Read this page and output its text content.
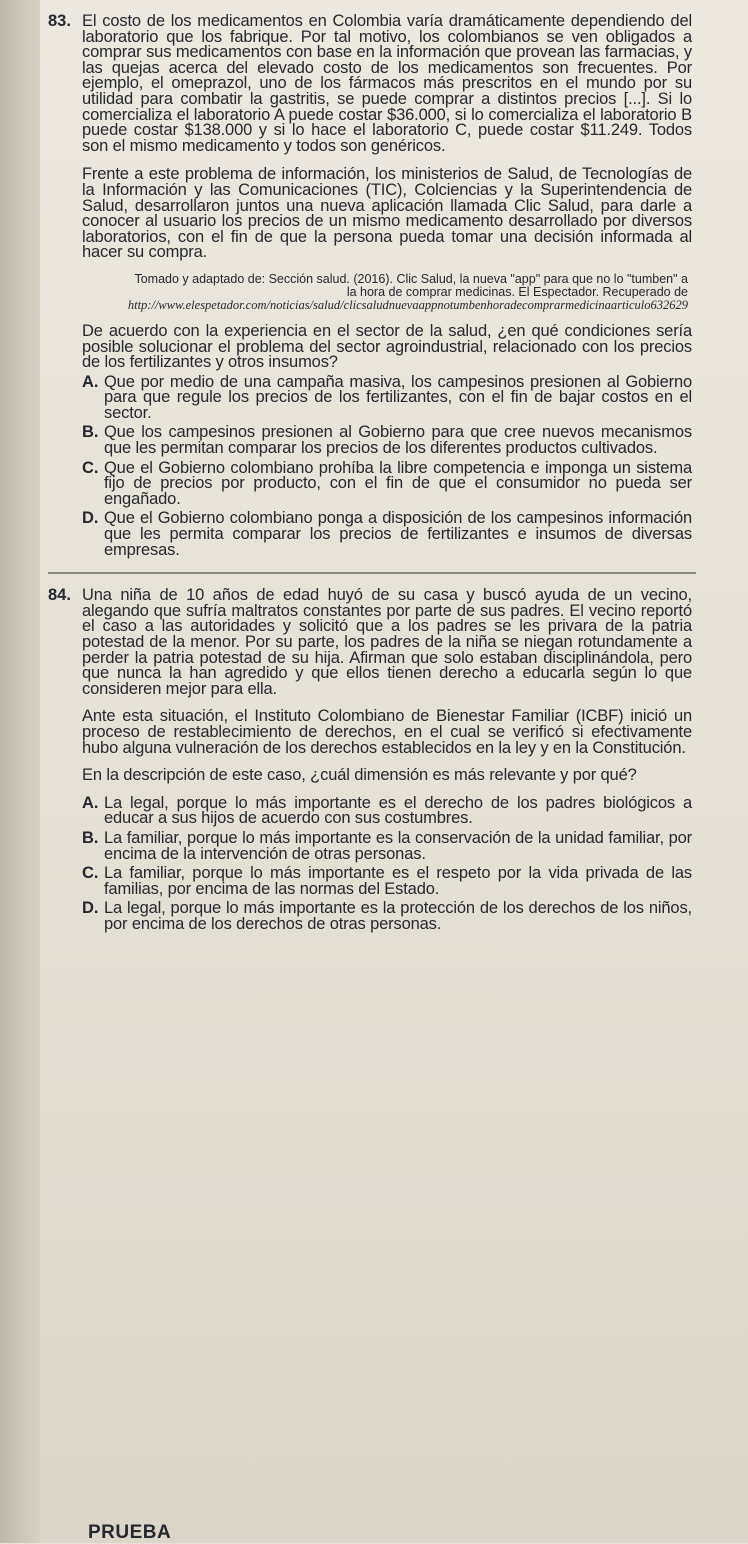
83. El costo de los medicamentos en Colombia varía dramáticamente dependiendo del laboratorio que los fabrique. Por tal motivo, los colombianos se ven obligados a comprar sus medicamentos con base en la información que provean las farmacias, y las quejas acerca del elevado costo de los medicamentos son frecuentes. Por ejemplo, el omeprazol, uno de los fármacos más prescritos en el mundo por su utilidad para combatir la gastritis, se puede comprar a distintos precios [...]. Si lo comercializa el laboratorio A puede costar $36.000, si lo comercializa el laboratorio B puede costar $138.000 y si lo hace el laboratorio C, puede costar $11.249. Todos son el mismo medicamento y todos son genéricos.

Frente a este problema de información, los ministerios de Salud, de Tecnologías de la Información y las Comunicaciones (TIC), Colciencias y la Superintendencia de Salud, desarrollaron juntos una nueva aplicación llamada Clic Salud, para darle a conocer al usuario los precios de un mismo medicamento desarrollado por diversos laboratorios, con el fin de que la persona pueda tomar una decisión informada al hacer su compra.

Tomado y adaptado de: Sección salud. (2016). Clic Salud, la nueva "app" para que no lo "tumben" a la hora de comprar medicinas. El Espectador. Recuperado de
http://www.elespetador.com/noticias/salud/clicsaludnuevaappnotumbenhoradecomprarmedicinaarticulo632629

De acuerdo con la experiencia en el sector de la salud, ¿en qué condiciones sería posible solucionar el problema del sector agroindustrial, relacionado con los precios de los fertilizantes y otros insumos?

A. Que por medio de una campaña masiva, los campesinos presionen al Gobierno para que regule los precios de los fertilizantes, con el fin de bajar costos en el sector.

B. Que los campesinos presionen al Gobierno para que cree nuevos mecanismos que les permitan comparar los precios de los diferentes productos cultivados.

C. Que el Gobierno colombiano prohíba la libre competencia e imponga un sistema fijo de precios por producto, con el fin de que el consumidor no pueda ser engañado.

D. Que el Gobierno colombiano ponga a disposición de los campesinos información que les permita comparar los precios de fertilizantes e insumos de diversas empresas.

84. Una niña de 10 años de edad huyó de su casa y buscó ayuda de un vecino, alegando que sufría maltratos constantes por parte de sus padres. El vecino reportó el caso a las autoridades y solicitó que a los padres se les privara de la patria potestad de la menor. Por su parte, los padres de la niña se niegan rotundamente a perder la patria potestad de su hija. Afirman que solo estaban disciplinándola, pero que nunca la han agredido y que ellos tienen derecho a educarla según lo que consideren mejor para ella.

Ante esta situación, el Instituto Colombiano de Bienestar Familiar (ICBF) inició un proceso de restablecimiento de derechos, en el cual se verificó si efectivamente hubo alguna vulneración de los derechos establecidos en la ley y en la Constitución.

En la descripción de este caso, ¿cuál dimensión es más relevante y por qué?

A. La legal, porque lo más importante es el derecho de los padres biológicos a educar a sus hijos de acuerdo con sus costumbres.

B. La familiar, porque lo más importante es la conservación de la unidad familiar, por encima de la intervención de otras personas.

C. La familiar, porque lo más importante es el respeto por la vida privada de las familias, por encima de las normas del Estado.

D. La legal, porque lo más importante es la protección de los derechos de los niños, por encima de los derechos de otras personas.

PRUEBA
